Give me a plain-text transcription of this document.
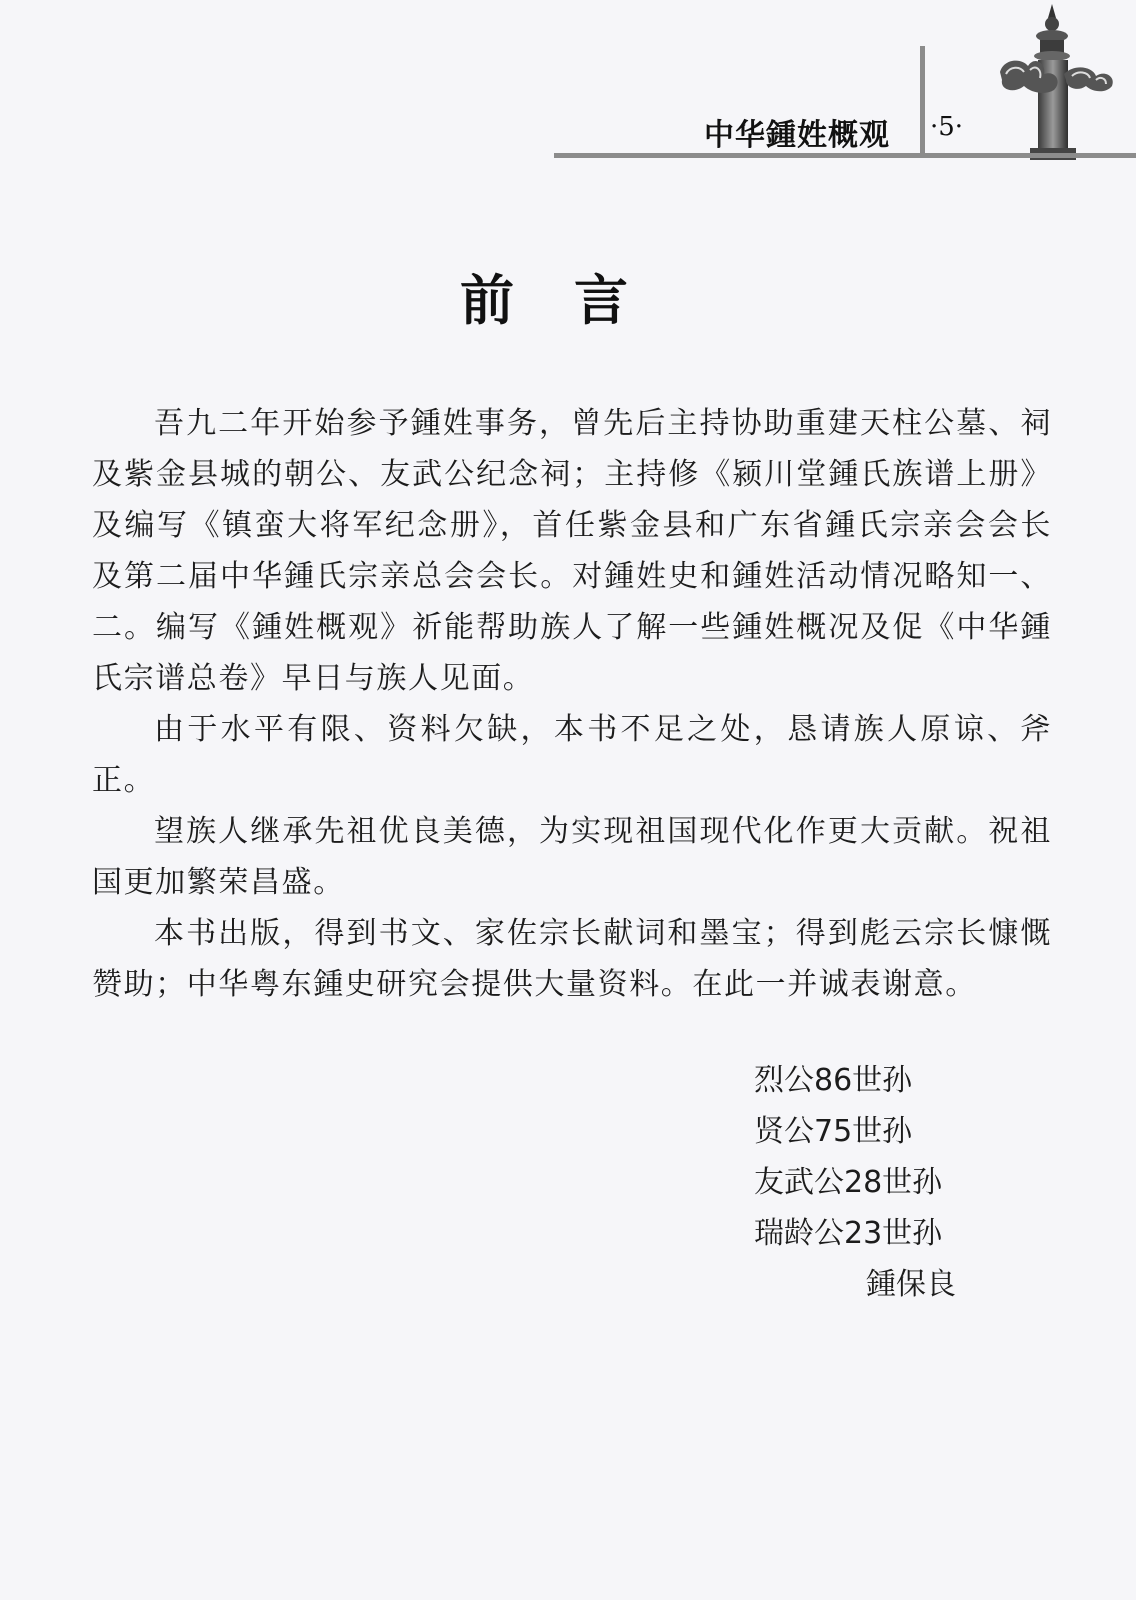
中华鍾姓概观 ·5·
前言

吾九二年开始参予鍾姓事务，曾先后主持协助重建天柱公墓、祠及紫金县城的朝公、友武公纪念祠；主持修《颍川堂鍾氏族谱上册》及编写《镇蛮大将军纪念册》，首任紫金县和广东省鍾氏宗亲会会长及第二届中华鍾氏宗亲总会会长。对鍾姓史和鍾姓活动情况略知一、二。编写《鍾姓概观》祈能帮助族人了解一些鍾姓概况及促《中华鍾氏宗谱总卷》早日与族人见面。

由于水平有限、资料欠缺，本书不足之处，恳请族人原谅、斧正。

望族人继承先祖优良美德，为实现祖国现代化作更大贡献。祝祖国更加繁荣昌盛。

本书出版，得到书文、家佐宗长献词和墨宝；得到彪云宗长慷慨赞助；中华粤东鍾史研究会提供大量资料。在此一并诚表谢意。

烈公86世孙
贤公75世孙
友武公28世孙
瑞龄公23世孙
鍾保良
